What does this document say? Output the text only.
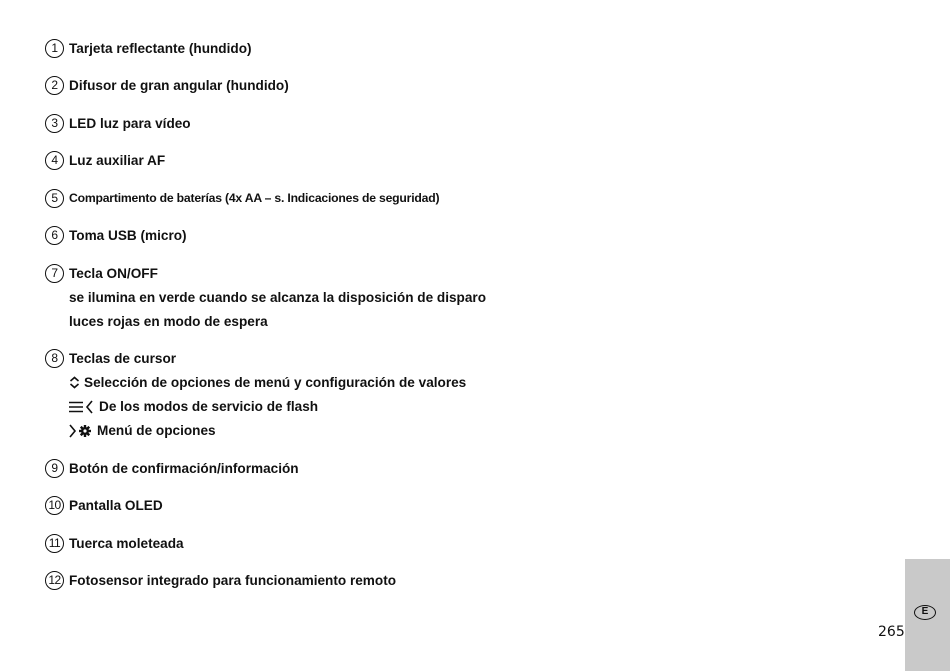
1 Tarjeta reflectante (hundido)
2 Difusor de gran angular (hundido)
3 LED luz para vídeo
4 Luz auxiliar AF
5 Compartimento de baterías (4x AA – s. Indicaciones de seguridad)
6 Toma USB (micro)
7 Tecla ON/OFF
se ilumina en verde cuando se alcanza la disposición de disparo
luces rojas en modo de espera
8 Teclas de cursor
Selección de opciones de menú y configuración de valores
De los modos de servicio de flash
Menú de opciones
9 Botón de confirmación/información
10 Pantalla OLED
11 Tuerca moleteada
12 Fotosensor integrado para funcionamiento remoto
E
265
